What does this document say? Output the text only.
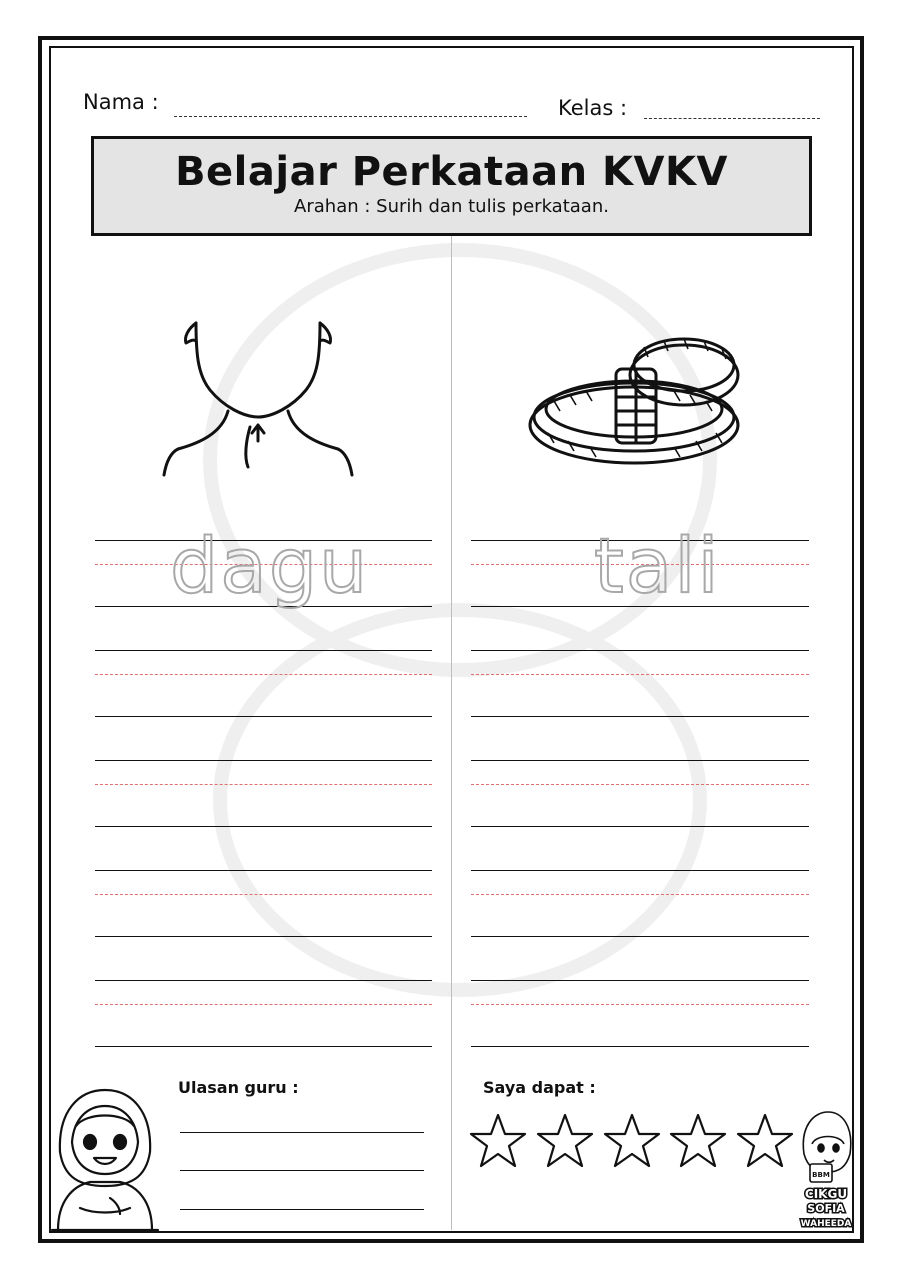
Nama :	Kelas :
Belajar Perkataan KVKV
Arahan : Surih dan tulis perkataan.
dagu	tali
Ulasan guru :	Saya dapat :
BBM
CIKGU
SOFIA
WAHEEDA
